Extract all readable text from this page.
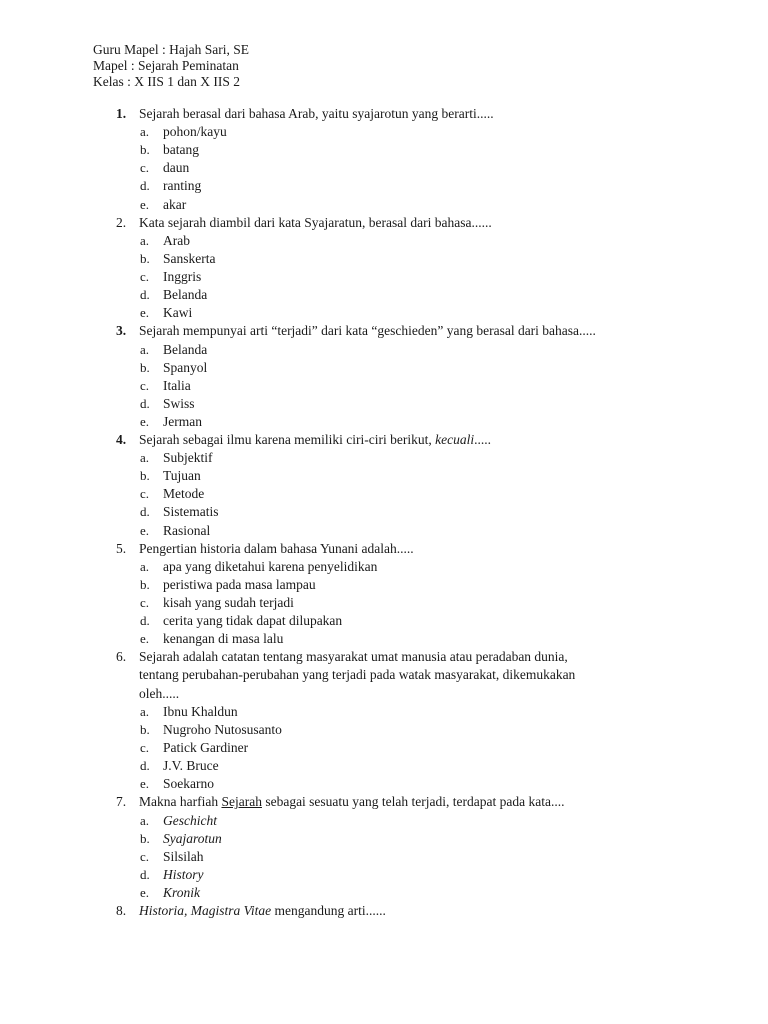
Guru Mapel : Hajah Sari, SE
Mapel : Sejarah Peminatan
Kelas : X IIS 1 dan X IIS 2
1. Sejarah berasal dari bahasa Arab, yaitu syajarotun yang berarti.....
a. pohon/kayu
b. batang
c. daun
d. ranting
e. akar
2. Kata sejarah diambil dari kata Syajaratun, berasal dari bahasa......
a. Arab
b. Sanskerta
c. Inggris
d. Belanda
e. Kawi
3. Sejarah mempunyai arti “terjadi” dari kata “geschieden” yang berasal dari bahasa.....
a. Belanda
b. Spanyol
c. Italia
d. Swiss
e. Jerman
4. Sejarah sebagai ilmu karena memiliki ciri-ciri berikut, kecuali.....
a. Subjektif
b. Tujuan
c. Metode
d. Sistematis
e. Rasional
5. Pengertian historia dalam bahasa Yunani adalah.....
a. apa yang diketahui karena penyelidikan
b. peristiwa pada masa lampau
c. kisah yang sudah terjadi
d. cerita yang tidak dapat dilupakan
e. kenangan di masa lalu
6. Sejarah adalah catatan tentang masyarakat umat manusia atau peradaban dunia,
tentang perubahan-perubahan yang terjadi pada watak masyarakat, dikemukakan
oleh.....
a. Ibnu Khaldun
b. Nugroho Nutosusanto
c. Patick Gardiner
d. J.V. Bruce
e. Soekarno
7. Makna harfiah Sejarah sebagai sesuatu yang telah terjadi, terdapat pada kata....
a. Geschicht
b. Syajarotun
c. Silsilah
d. History
e. Kronik
8. Historia, Magistra Vitae mengandung arti......
